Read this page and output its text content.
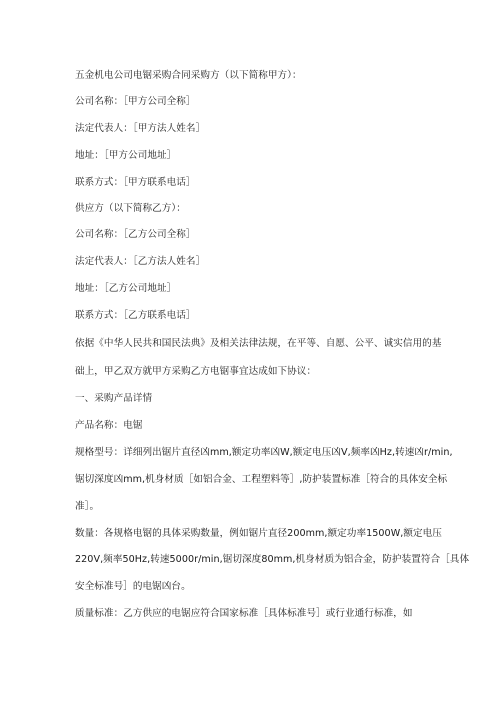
五金机电公司电锯采购合同采购方（以下简称甲方）：
公司名称：［甲方公司全称］
法定代表人：［甲方法人姓名］
地址：［甲方公司地址］
联系方式：［甲方联系电话］
供应方（以下简称乙方）：
公司名称：［乙方公司全称］
法定代表人：［乙方法人姓名］
地址：［乙方公司地址］
联系方式：［乙方联系电话］
依据《中华人民共和国民法典》及相关法律法规，在平等、自愿、公平、诚实信用的基
础上，甲乙双方就甲方采购乙方电锯事宜达成如下协议：
一、采购产品详情
产品名称：电锯
规格型号：详细列出锯片直径凶mm,额定功率凶W,额定电压凶V,频率凶Hz,转速凶r/min,
锯切深度凶mm,机身材质［如铝合金、工程塑料等］,防护装置标准［符合的具体安全标
准］。
数量：各规格电锯的具体采购数量，例如锯片直径200mm,额定功率1500W,额定电压
220V,频率50Hz,转速5000r/min,锯切深度80mm,机身材质为铝合金，防护装置符合［具体
安全标准号］的电锯凶台。
质量标准：乙方供应的电锯应符合国家标准［具体标准号］或行业通行标准，如
